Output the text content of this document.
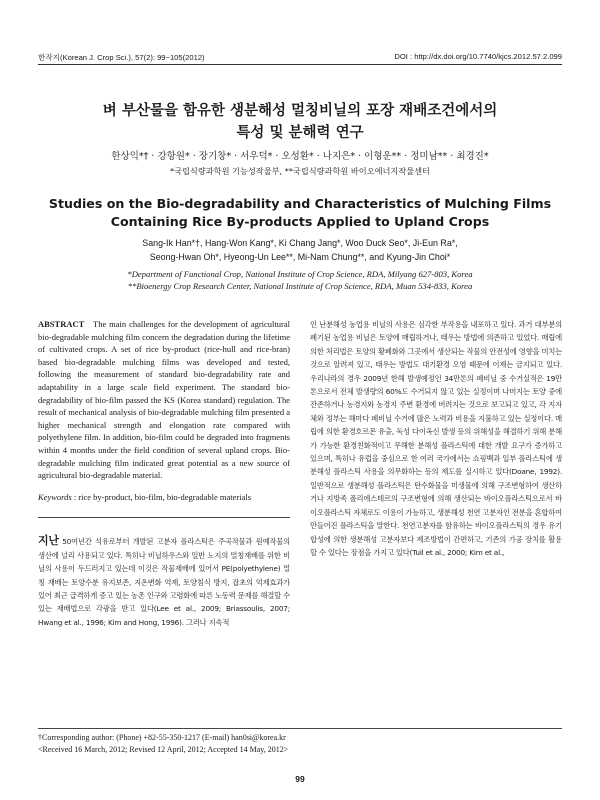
한작지(Korean J. Crop Sci.), 57(2): 99~105(2012)	DOI : http://dx.doi.org/10.7740/kjcs.2012.57.2.099
벼 부산물을 함유한 생분해성 멀칭비닐의 포장 재배조건에서의
특성 및 분해력 연구
한상익*† · 강항원* · 장기창* · 서우덕* · 오성환* · 나지은* · 이형운** · 정미남** · 최경진*
*국립식량과학원 기능성작물부, **국립식량과학원 바이오에너지작물센터
Studies on the Bio-degradability and Characteristics of Mulching Films
Containing Rice By-products Applied to Upland Crops
Sang-Ik Han*†, Hang-Won Kang*, Ki Chang Jang*, Woo Duck Seo*, Ji-Eun Ra*,
Seong-Hwan Oh*, Hyeong-Un Lee**, Mi-Nam Chung**, and Kyung-Jin Choi*
*Department of Functional Crop, National Institute of Crop Science, RDA, Milyang 627-803, Korea
**Bioenergy Crop Research Center, National Institute of Crop Science, RDA, Muan 534-833, Korea

ABSTRACT The main challenges for the development of agricultural bio-degradable mulching film concern the degradation during the lifetime of cultivated crops. A set of rice by-product (rice-hull and rice-bran) based bio-degradable mulching films was developed and tested, following the measurement of standard bio-degradability rate and adaptability in a large scale field experiment. The standard bio-degradability of bio-film passed the KS (Korea standard) regulation. The result of mechanical analysis of bio-degradable mulching film presented a higher mechanical strength and elongation rate compared with polyethylene film. In addition, bio-film could be degraded into fragments within 4 months under the field condition of several upland crops. Bio-degradable mulching film indicated great potential as a new source of agricultural bio-degradable material.

Keywords : rice by-product, bio-film, bio-degradable materials

지난 50여년간 석유로부터 개발된 고분자 플라스틱은 주곡작물과 원예작물의 생산에 널리 사용되고 있다. 특히나 비닐하우스와 일반 노지의 멀칭재배를 위한 비닐의 사용이 두드러지고 있는데 이것은 작물재배에 있어서 PE(polyethylene) 멀칭 재배는 토양수분 유지보존, 지온변화 억제, 토양침식 방지, 잡초의 억제효과가 있어 최근 급격하게 증고 있는 농촌 인구와 고령화에 따른 노동력 문제를 해결할 수 있는 재배법으로 각광을 받고 있다(Lee et al., 2009; Briassoulis, 2007; Hwang et al., 1996; Kim and Hong, 1996). 그러나 지속적

인 난분해성 농업용 비닐의 사용은 심각한 부작용을 내포하고 있다. 과거 대부분의 폐기된 농업용 비닐은 토양에 매립하거나, 태우는 방법에 의존하고 있었다. 매립에 의한 처리법은 토양의 황폐화와 그곳에서 생산되는 작물의 안전성에 영향을 미치는 것으로 알려져 있고, 태우는 방법도 대기환경 오염 때문에 이제는 금지되고 있다. 우리나라의 경우 2009년 한해 발생예정인 34만톤의 폐비닐 중 수거실적은 19만톤으로서 전체 발생량의 60%도 수거되지 않고 있는 실정이며 나머지는 토양 중에 잔존하거나 농경지와 농경지 주변 환경에 버려지는 것으로 보고되고 있고, 각 지자체와 정부는 해마다 폐비닐 수거에 많은 노력과 비용을 지불하고 있는 실정이다. 매립에 의한 환경호르몬 유출, 독성 다이옥신 발생 등의 위해성을 해결하기 위해 분해가 가능한 환경친화적이고 무해한 분해성 플라스틱에 대한 개발 요구가 증가하고 있으며, 특히나 유럽을 중심으로 한 여러 국가에서는 쇼핑백과 일부 플라스틱에 생분해성 플라스틱 사용을 의무화하는 등의 제도를 실시하고 있다(Doane, 1992). 일반적으로 생분해성 플라스틱은 탄수화물을 미생물에 의해 구조변형하여 생산하거나 지방족 폴리에스테르의 구조변형에 의해 생산되는 바이오플라스틱으로서 바이오플라스틱 자체로도 이용이 가능하고, 생분해성 천연 고분자인 전분을 혼합하여 만들어진 플라스틱을 말한다. 천연고분자를 함유하는 바이오플라스틱의 경우 유기합성에 의한 생분해성 고분자보다 제조방법이 간편하고, 기존의 가공 장치를 활용할 수 있다는 장점을 가지고 있다(Tuil et al., 2000; Kim et al.,

†Corresponding author: (Phone) +82-55-350-1217 (E-mail) han0si@korea.kr
<Received 16 March, 2012; Revised 12 April, 2012; Accepted 14 May, 2012>
99
